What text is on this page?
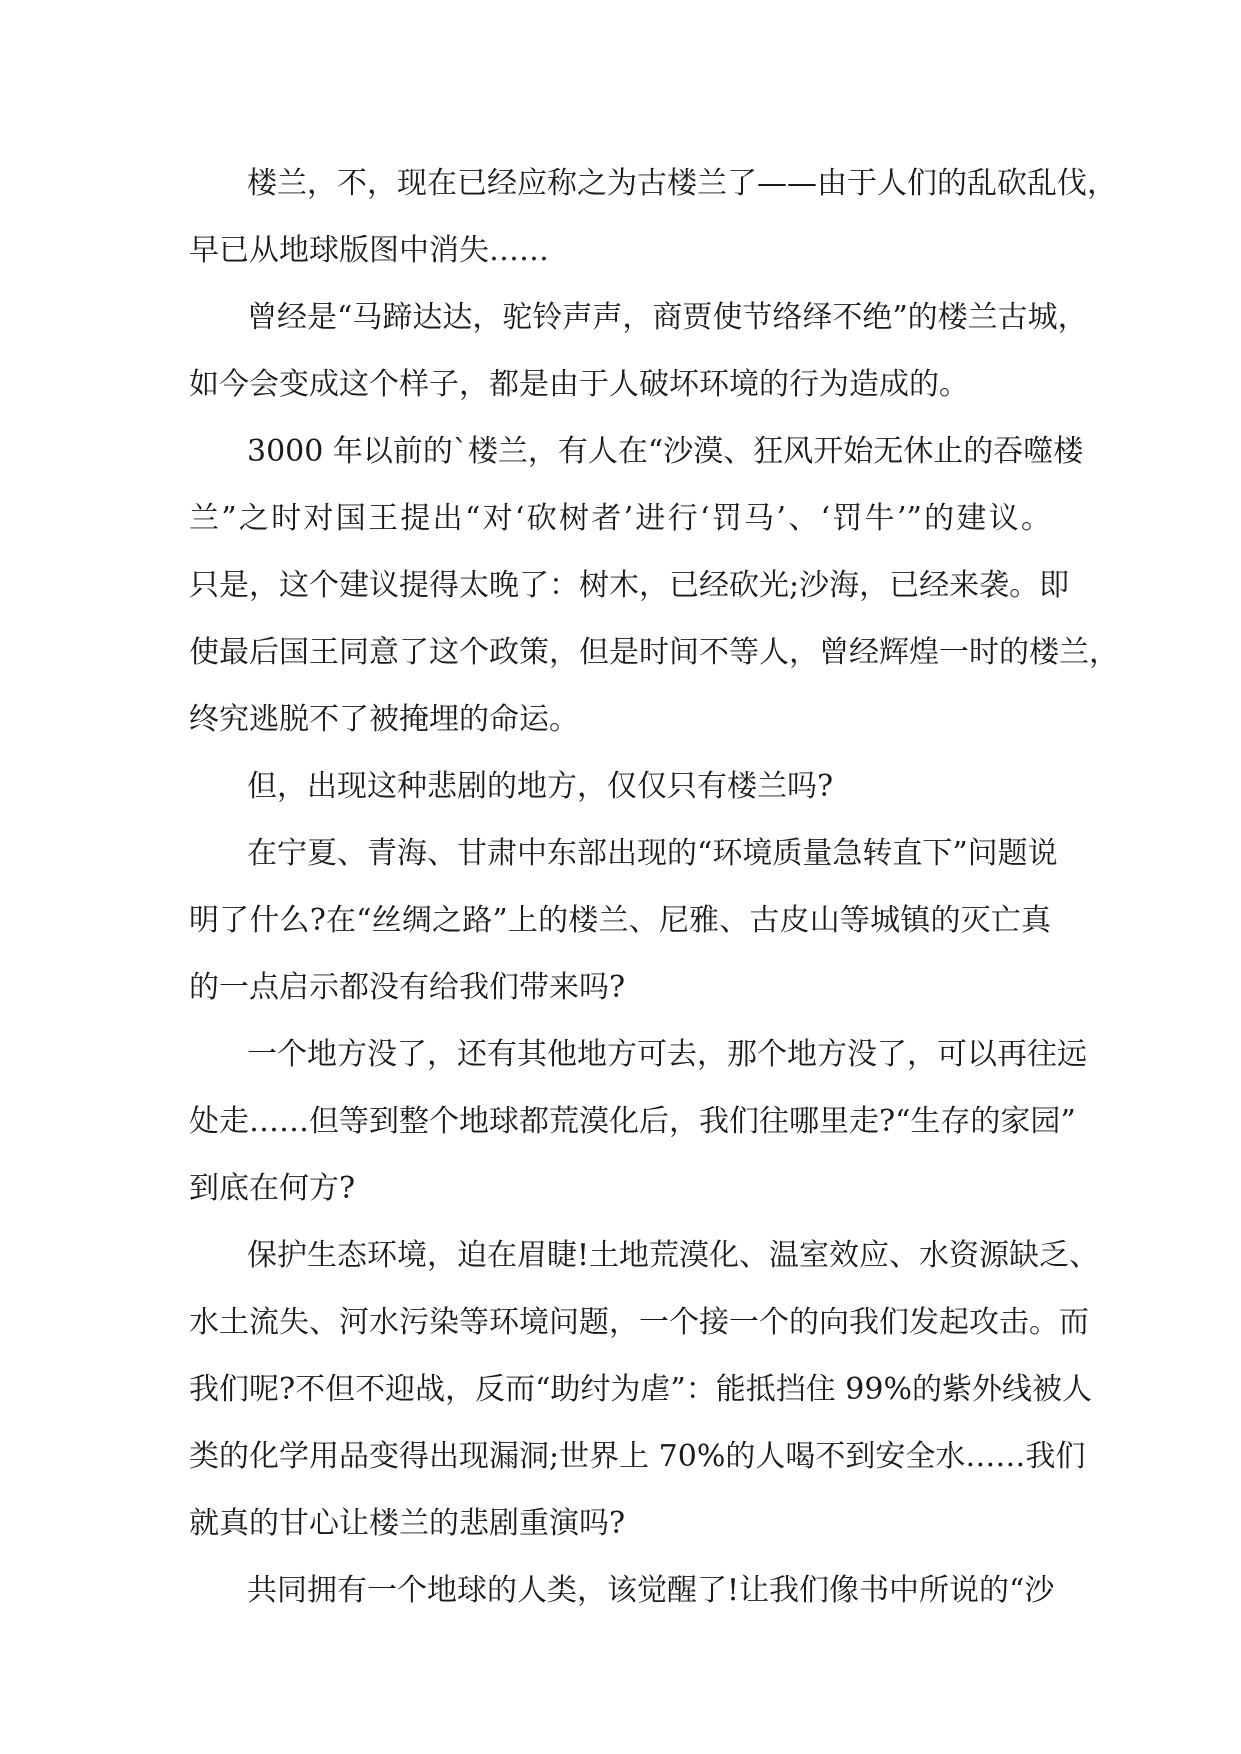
楼兰，不，现在已经应称之为古楼兰了——由于人们的乱砍乱伐，
早已从地球版图中消失……
曾经是“马蹄达达，驼铃声声，商贾使节络绎不绝”的楼兰古城，
如今会变成这个样子，都是由于人破坏环境的行为造成的。
3000 年以前的`楼兰，有人在“沙漠、狂风开始无休止的吞噬楼
兰”之时对国王提出“对‘砍树者’进行‘罚马’、‘罚牛’”的建议。
只是，这个建议提得太晚了：树木，已经砍光;沙海，已经来袭。即
使最后国王同意了这个政策，但是时间不等人，曾经辉煌一时的楼兰，
终究逃脱不了被掩埋的命运。
但，出现这种悲剧的地方，仅仅只有楼兰吗?
在宁夏、青海、甘肃中东部出现的“环境质量急转直下”问题说
明了什么?在“丝绸之路”上的楼兰、尼雅、古皮山等城镇的灭亡真
的一点启示都没有给我们带来吗?
一个地方没了，还有其他地方可去，那个地方没了，可以再往远
处走……但等到整个地球都荒漠化后，我们往哪里走?“生存的家园”
到底在何方?
保护生态环境，迫在眉睫!土地荒漠化、温室效应、水资源缺乏、
水土流失、河水污染等环境问题，一个接一个的向我们发起攻击。而
我们呢?不但不迎战，反而“助纣为虐”：能抵挡住 99%的紫外线被人
类的化学用品变得出现漏洞;世界上 70%的人喝不到安全水……我们
就真的甘心让楼兰的悲剧重演吗?
共同拥有一个地球的人类，该觉醒了!让我们像书中所说的“沙
